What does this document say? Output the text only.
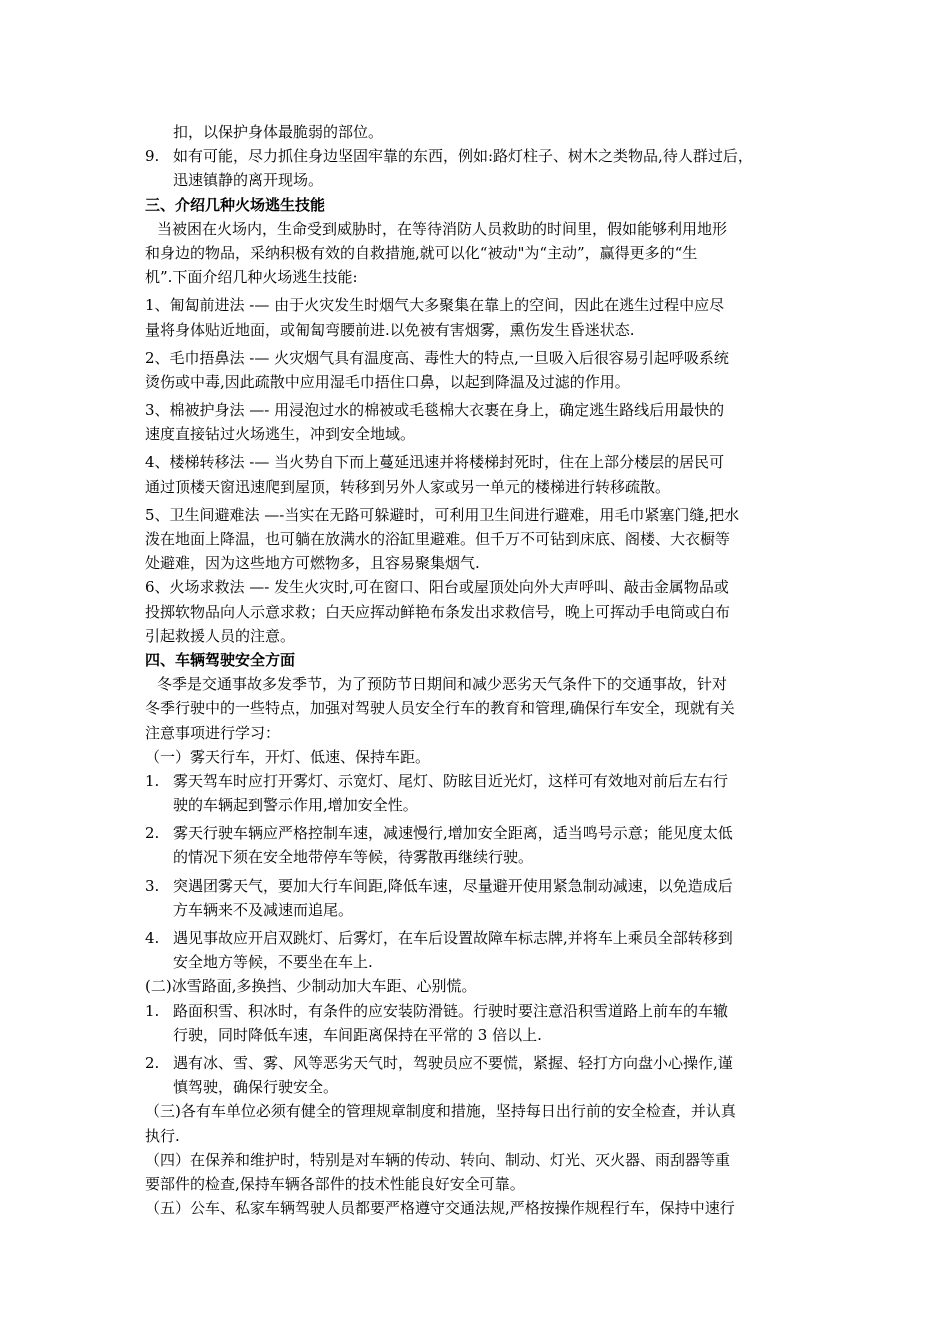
扣，以保护身体最脆弱的部位。
9. 如有可能，尽力抓住身边坚固牢靠的东西，例如:路灯柱子、树木之类物品,待人群过后，
迅速镇静的离开现场。
三、介绍几种火场逃生技能
当被困在火场内，生命受到威胁时，在等待消防人员救助的时间里，假如能够利用地形
和身边的物品，采纳积极有效的自救措施,就可以化“被动"为“主动”，赢得更多的“生
机”.下面介绍几种火场逃生技能:
1、匍匐前进法 -— 由于火灾发生时烟气大多聚集在靠上的空间，因此在逃生过程中应尽
量将身体贴近地面，或匍匐弯腰前进.以免被有害烟雾，熏伤发生昏迷状态.
2、毛巾捂鼻法 -— 火灾烟气具有温度高、毒性大的特点,一旦吸入后很容易引起呼吸系统
烫伤或中毒,因此疏散中应用湿毛巾捂住口鼻，以起到降温及过滤的作用。
3、棉被护身法 —- 用浸泡过水的棉被或毛毯棉大衣裹在身上，确定逃生路线后用最快的
速度直接钻过火场逃生，冲到安全地域。
4、楼梯转移法 -— 当火势自下而上蔓延迅速并将楼梯封死时，住在上部分楼层的居民可
通过顶楼天窗迅速爬到屋顶，转移到另外人家或另一单元的楼梯进行转移疏散。
5、卫生间避难法 —-当实在无路可躲避时，可利用卫生间进行避难，用毛巾紧塞门缝,把水
泼在地面上降温，也可躺在放满水的浴缸里避难。但千万不可钻到床底、阁楼、大衣橱等
处避难，因为这些地方可燃物多，且容易聚集烟气.
6、火场求救法 —- 发生火灾时,可在窗口、阳台或屋顶处向外大声呼叫、敲击金属物品或
投掷软物品向人示意求救；白天应挥动鲜艳布条发出求救信号，晚上可挥动手电筒或白布
引起救援人员的注意。
四、车辆驾驶安全方面
冬季是交通事故多发季节，为了预防节日期间和减少恶劣天气条件下的交通事故，针对
冬季行驶中的一些特点，加强对驾驶人员安全行车的教育和管理,确保行车安全，现就有关
注意事项进行学习：
（一）雾天行车，开灯、低速、保持车距。
1. 雾天驾车时应打开雾灯、示宽灯、尾灯、防眩目近光灯，这样可有效地对前后左右行
驶的车辆起到警示作用,增加安全性。
2. 雾天行驶车辆应严格控制车速，减速慢行,增加安全距离，适当鸣号示意；能见度太低
的情况下须在安全地带停车等候，待雾散再继续行驶。
3. 突遇团雾天气，要加大行车间距,降低车速，尽量避开使用紧急制动减速，以免造成后
方车辆来不及减速而追尾。
4. 遇见事故应开启双跳灯、后雾灯，在车后设置故障车标志牌,并将车上乘员全部转移到
安全地方等候，不要坐在车上.
(二)冰雪路面,多换挡、少制动加大车距、心别慌。
1. 路面积雪、积冰时，有条件的应安装防滑链。行驶时要注意沿积雪道路上前车的车辙
行驶，同时降低车速，车间距离保持在平常的 3 倍以上.
2. 遇有冰、雪、雾、风等恶劣天气时，驾驶员应不要慌，紧握、轻打方向盘小心操作,谨
慎驾驶，确保行驶安全。
（三)各有车单位必须有健全的管理规章制度和措施，坚持每日出行前的安全检查，并认真
执行.
（四）在保养和维护时，特别是对车辆的传动、转向、制动、灯光、灭火器、雨刮器等重
要部件的检查,保持车辆各部件的技术性能良好安全可靠。
（五）公车、私家车辆驾驶人员都要严格遵守交通法规,严格按操作规程行车，保持中速行
